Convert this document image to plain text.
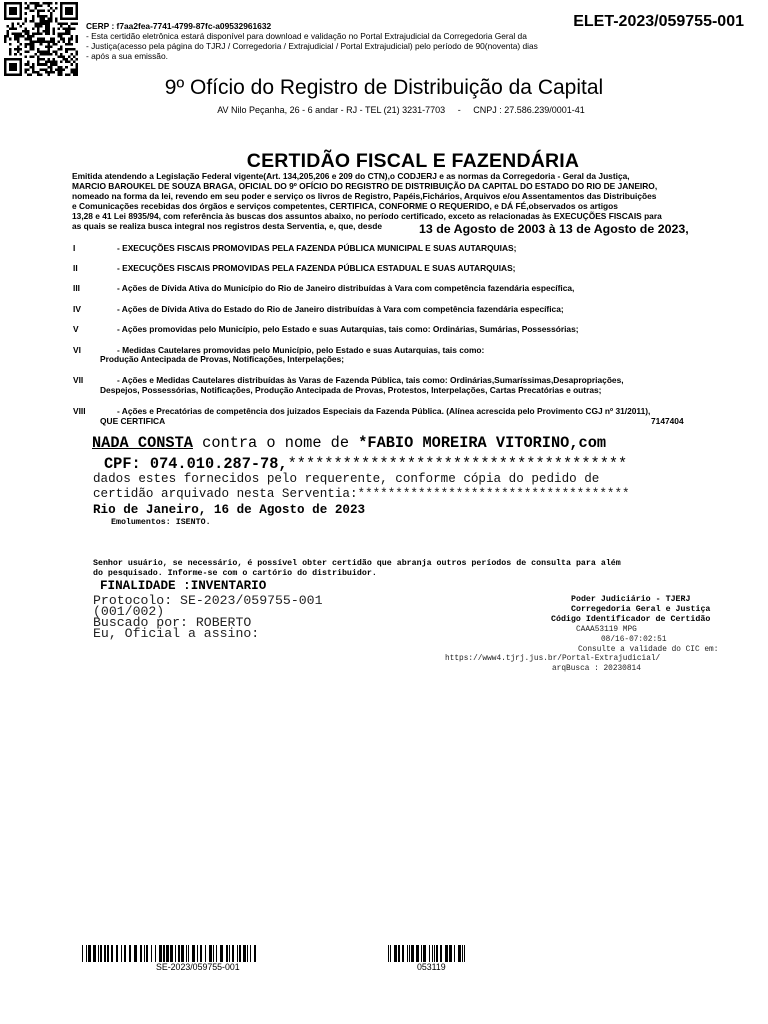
CERP : f7aa2fea-7741-4799-87fc-a09532961632
- Esta certidão eletrônica estará disponível para download e validação no Portal Extrajudicial da Corregedoria Geral da
- Justiça(acesso pela página do TJRJ / Corregedoria / Extrajudicial / Portal Extrajudicial) pelo período de 90(noventa) dias
- após a sua emissão.
ELET-2023/059755-001
9º Ofício do Registro de Distribuição da Capital
AV Nilo Peçanha, 26 - 6 andar - RJ - TEL (21) 3231-7703 - CNPJ : 27.586.239/0001-41
CERTIDÃO FISCAL E FAZENDÁRIA
Emitida atendendo a Legislação Federal vigente(Art. 134,205,206 e 209 do CTN),o CODJERJ e as normas da Corregedoria - Geral da Justiça,
MARCIO BAROUKEL DE SOUZA BRAGA, OFICIAL DO 9º OFÍCIO DO REGISTRO DE DISTRIBUIÇÃO DA CAPITAL DO ESTADO DO RIO DE JANEIRO,
nomeado na forma da lei, revendo em seu poder e serviço os livros de Registro, Papéis,Fichários, Arquivos e/ou Assentamentos das Distribuições
e Comunicações recebidas dos órgãos e serviços competentes, CERTIFICA, CONFORME O REQUERIDO, e DÁ FÉ,observados os artigos
13,28 e 41 Lei 8935/94, com referência às buscas dos assuntos abaixo, no período certificado, exceto as relacionadas às EXECUÇÕES FISCAIS para
as quais se realiza busca integral nos registros desta Serventia, e, que, desde	13 de Agosto de 2003 à 13 de Agosto de 2023,
I	- EXECUÇÕES FISCAIS PROMOVIDAS PELA FAZENDA PÚBLICA MUNICIPAL E SUAS AUTARQUIAS;
II	- EXECUÇÕES FISCAIS PROMOVIDAS PELA FAZENDA PÚBLICA ESTADUAL E SUAS AUTARQUIAS;
III	- Ações de Dívida Ativa do Município do Rio de Janeiro distribuídas à Vara com competência fazendária específica,
IV	- Ações de Dívida Ativa do Estado do Rio de Janeiro distribuídas à Vara com competência fazendária específica;
V	- Ações promovidas pelo Município, pelo Estado e suas Autarquias, tais como: Ordinárias, Sumárias, Possessórias;
VI	- Medidas Cautelares promovidas pelo Município, pelo Estado e suas Autarquias, tais como:
Produção Antecipada de Provas, Notificações, Interpelações;
VII	- Ações e Medidas Cautelares distribuídas às Varas de Fazenda Pública, tais como: Ordinárias,Sumaríssimas,Desapropriações,
Despejos, Possessórias, Notificações, Produção Antecipada de Provas, Protestos, Interpelações, Cartas Precatórias e outras;
VIII	- Ações e Precatórias de competência dos juizados Especiais da Fazenda Pública. (Alínea acrescida pelo Provimento CGJ nº 31/2011),
QUE CERTIFICA	7147404
NADA CONSTA contra o nome de *FABIO MOREIRA VITORINO,com
CPF: 074.010.287-78,*************************************
dados estes fornecidos pelo requerente, conforme cópia do pedido de
certidão arquivado nesta Serventia:************************************
Rio de Janeiro, 16 de Agosto de 2023
Emolumentos: ISENTO.
Senhor usuário, se necessário, é possível obter certidão que abranja outros períodos de consulta para além
do pesquisado. Informe-se com o cartório do distribuidor.
FINALIDADE :INVENTARIO
Protocolo: SE-2023/059755-001
(001/002)
Buscado por: ROBERTO
Eu, Oficial a assino:
Poder Judiciário - TJERJ
Corregedoria Geral e Justiça
Código Identificador de Certidão
CAAA53119 MPG
08/16-07:02:51
Consulte a validade do CIC em:
https://www4.tjrj.jus.br/Portal-Extrajudicial/
arqBusca : 20230814
SE-2023/059755-001	053119
